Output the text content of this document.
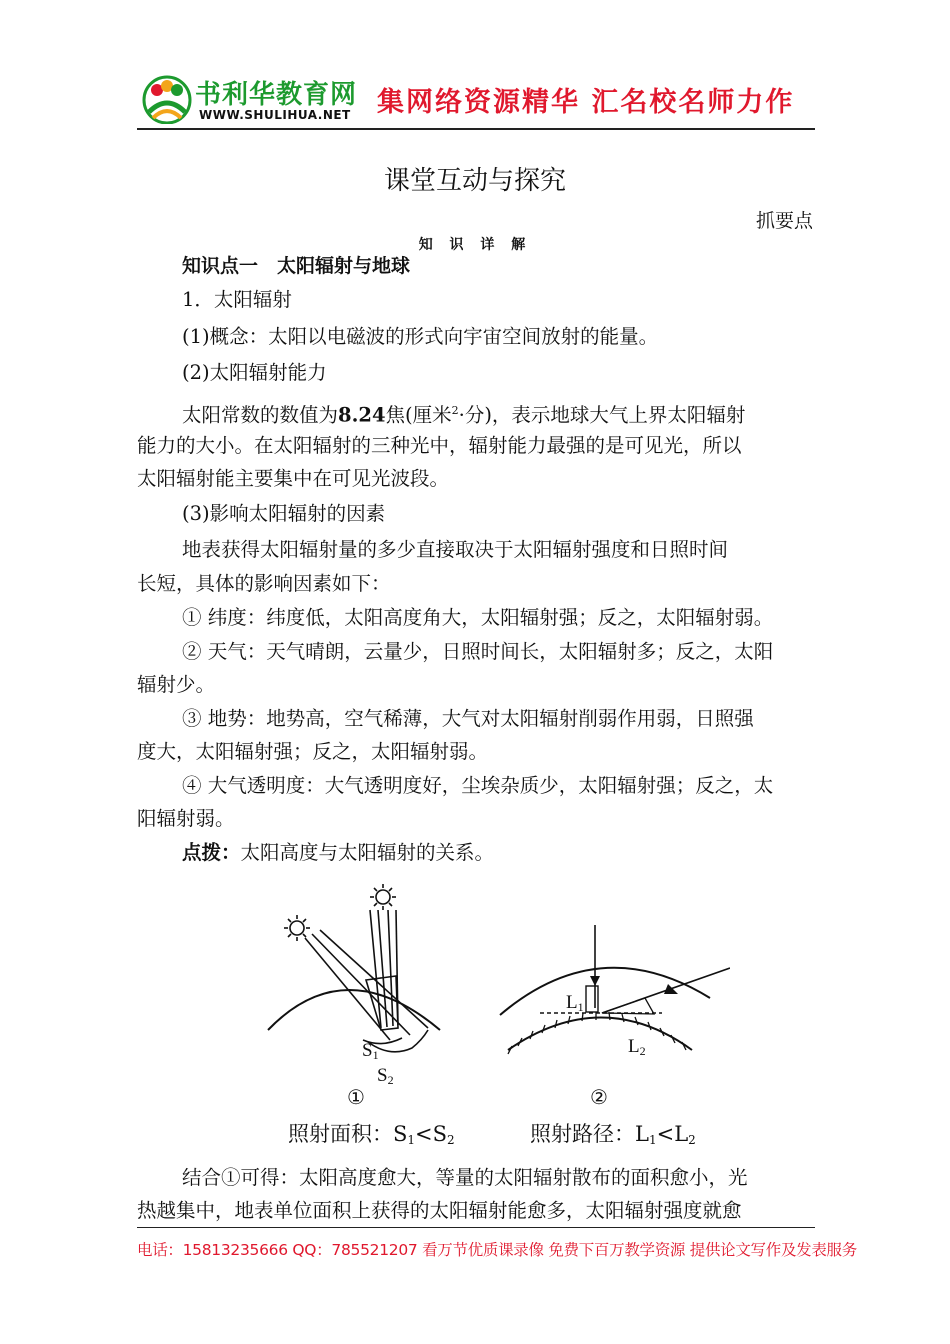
书利华教育网
WWW.SHULIHUA.NET 集网络资源精华 汇名校名师力作
课堂互动与探究
抓要点
知 识 详 解
知识点一　太阳辐射与地球
1．太阳辐射
(1)概念：太阳以电磁波的形式向宇宙空间放射的能量。
(2)太阳辐射能力
太阳常数的数值为8.24焦(厘米$^2$·分)，表示地球大气上界太阳辐射
能力的大小。在太阳辐射的三种光中，辐射能力最强的是可见光，所以
太阳辐射能主要集中在可见光波段。
(3)影响太阳辐射的因素
地表获得太阳辐射量的多少直接取决于太阳辐射强度和日照时间
长短，具体的影响因素如下：
① 纬度：纬度低，太阳高度角大，太阳辐射强；反之，太阳辐射弱。
② 天气：天气晴朗，云量少，日照时间长，太阳辐射多；反之，太阳
辐射少。
③ 地势：地势高，空气稀薄，大气对太阳辐射削弱作用弱，日照强
度大，太阳辐射强；反之，太阳辐射弱。
④ 大气透明度：大气透明度好，尘埃杂质少，太阳辐射强；反之，太
阳辐射弱。
点拨：太阳高度与太阳辐射的关系。
$S_1$
$S_2$
$L_1$
$L_2$
①	②
照射面积：$S_1<S_2$	照射路径：$L_1<L_2$
结合①可得：太阳高度愈大，等量的太阳辐射散布的面积愈小，光
热越集中，地表单位面积上获得的太阳辐射能愈多，太阳辐射强度就愈
电话：15813235666 QQ：785521207 看万节优质课录像 免费下百万教学资源 提供论文写作及发表服务
